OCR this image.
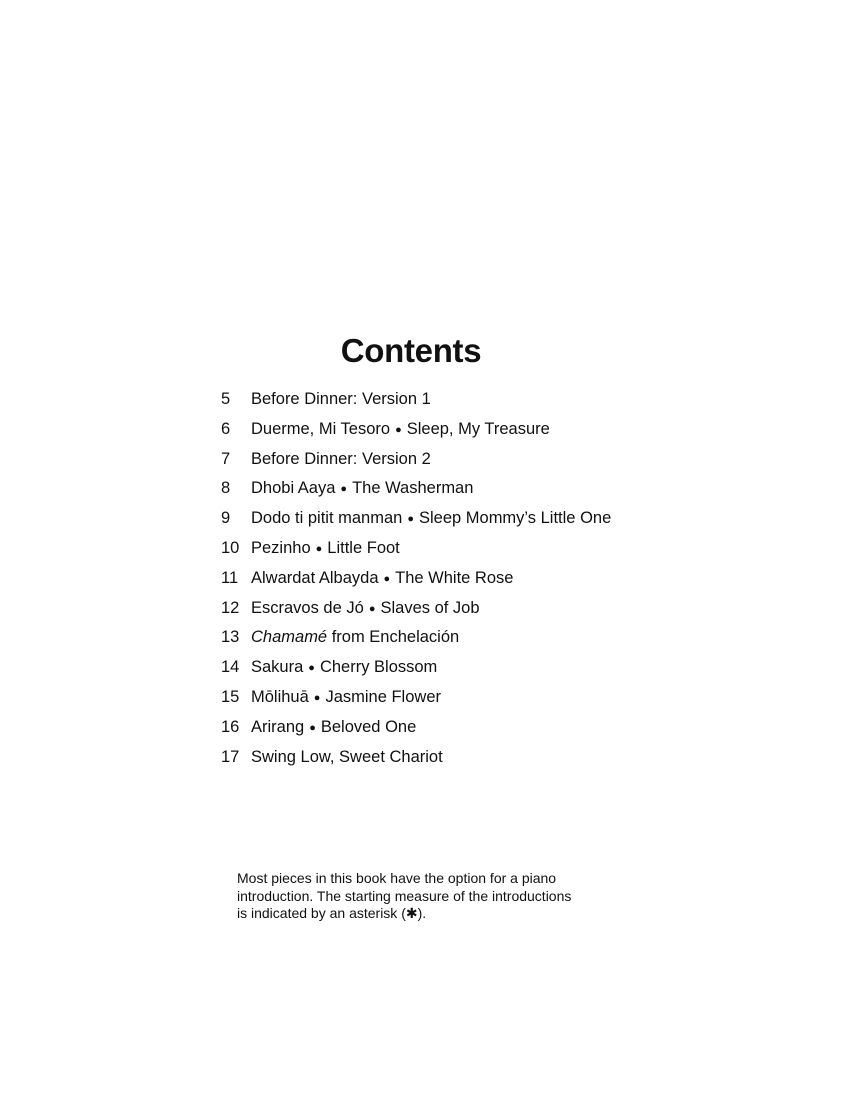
Contents
5	Before Dinner: Version 1
6	Duerme, Mi Tesoro ● Sleep, My Treasure
7	Before Dinner: Version 2
8	Dhobi Aaya ● The Washerman
9	Dodo ti pitit manman ● Sleep Mommy’s Little One
10 Pezinho ● Little Foot
11 Alwardat Albayda ● The White Rose
12 Escravos de Jó ● Slaves of Job
13 Chamamé from Enchelación
14 Sakura ● Cherry Blossom
15 Mōlihuā ● Jasmine Flower
16 Arirang ● Beloved One
17 Swing Low, Sweet Chariot

Most pieces in this book have the option for a piano

introduction. The starting measure of the introductions

is indicated by an asterisk (✱).
